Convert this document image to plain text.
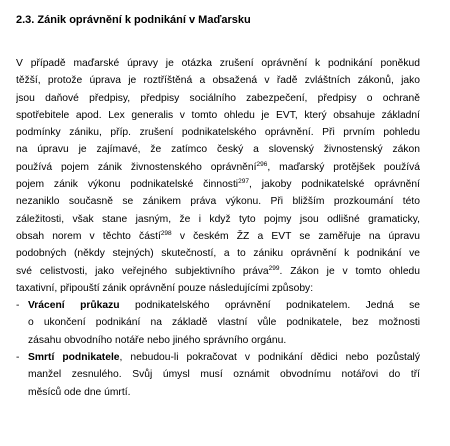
2.3. Zánik oprávnění k podnikání v Maďarsku
V případě maďarské úpravy je otázka zrušení oprávnění k podnikání poněkud
těžší, protože úprava je roztříštěná a obsažená v řadě zvláštních zákonů, jako
jsou daňové předpisy, předpisy sociálního zabezpečení, předpisy o ochraně
spotřebitele apod. Lex generalis v tomto ohledu je EVT, který obsahuje základní
podmínky zániku, příp. zrušení podnikatelského oprávnění. Při prvním pohledu
na úpravu je zajímavé, že zatímco český a slovenský živnostenský zákon
používá pojem zánik živnostenského oprávnění$^{296}$, maďarský protějšek používá
pojem zánik výkonu podnikatelské činnosti$^{297}$, jakoby podnikatelské oprávnění
nezaniklo současně se zánikem práva výkonu. Při bližším prozkoumání této
záležitosti, však stane jasným, že i když tyto pojmy jsou odlišné gramaticky,
obsah norem v těchto částí$^{298}$ v českém ŽZ a EVT se zaměřuje na úpravu
podobných (někdy stejných) skutečností, a to zániku oprávnění k podnikání ve
své celistvosti, jako veřejného subjektivního práva$^{299}$. Zákon je v tomto ohledu
taxativní, připouští zánik oprávnění pouze následujícími způsoby:
- Vrácení průkazu podnikatelského oprávnění podnikatelem. Jedná se
o ukončení podnikání na základě vlastní vůle podnikatele, bez možnosti
zásahu obvodního notáře nebo jiného správního orgánu.
- Smrtí podnikatele, nebudou-li pokračovat v podnikání dědici nebo pozůstalý
manžel zesnulého. Svůj úmysl musí oznámit obvodnímu notářovi do tří
měsíců ode dne úmrtí.
